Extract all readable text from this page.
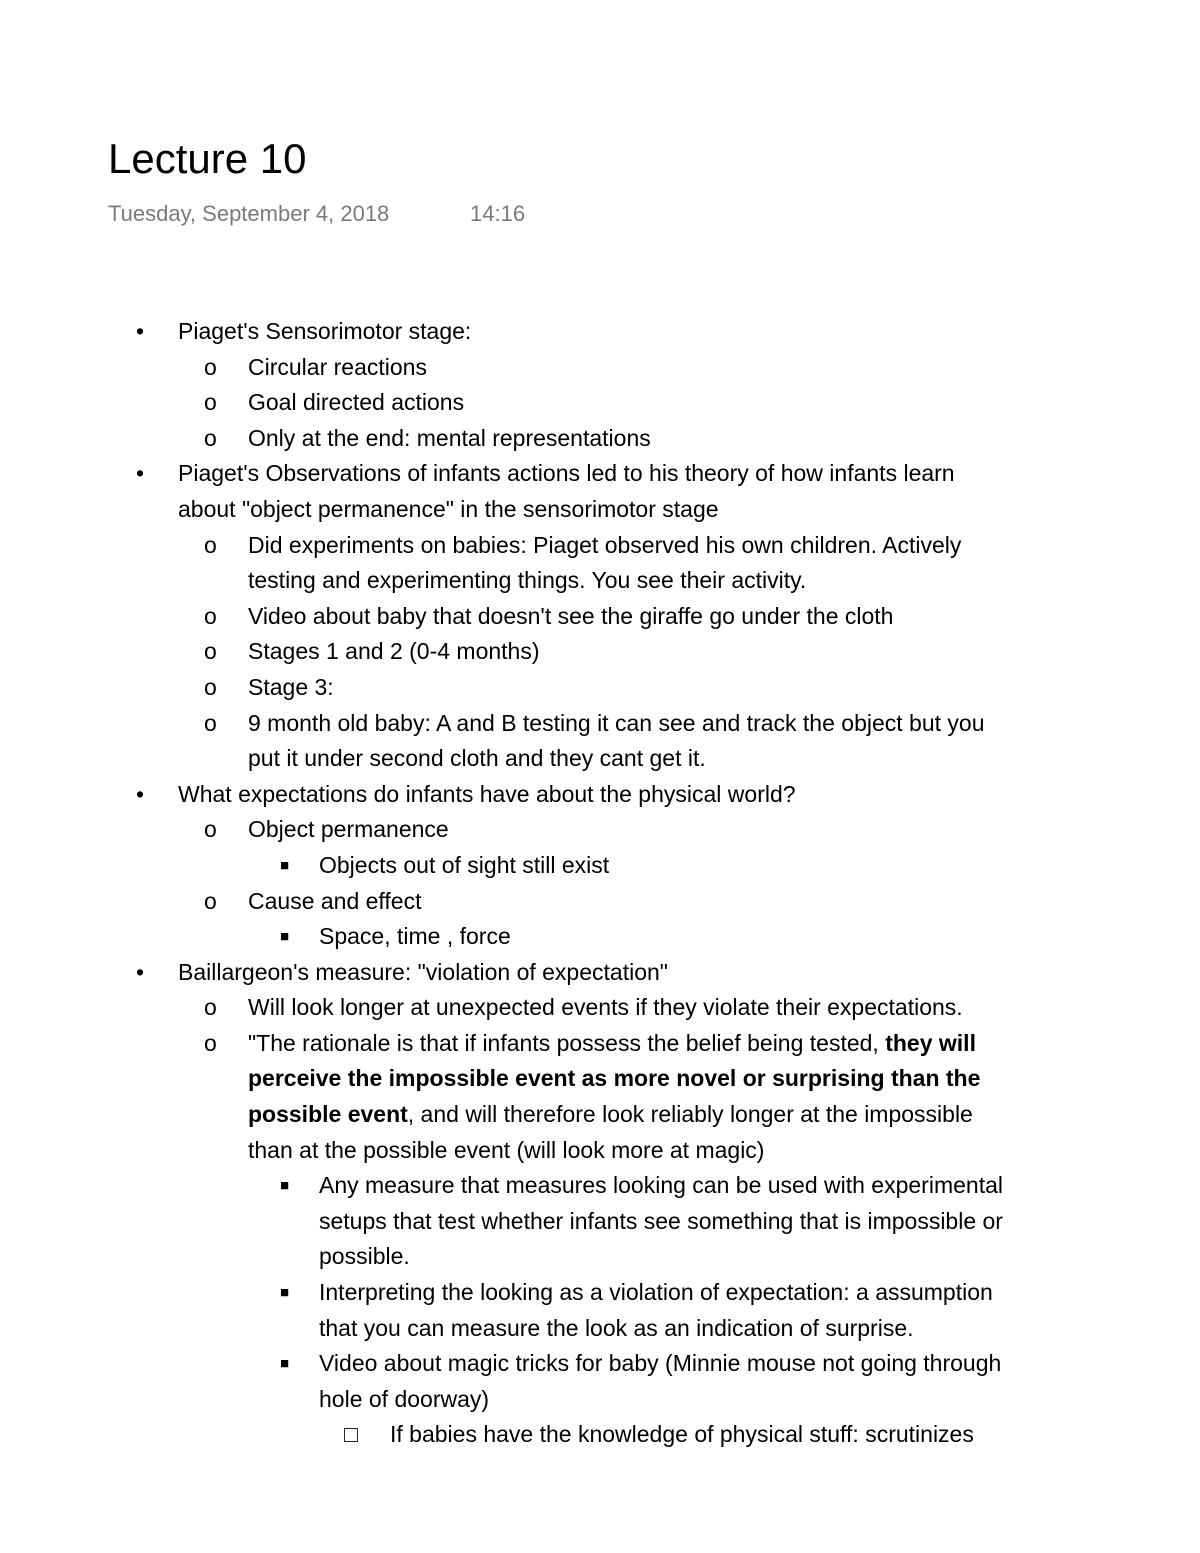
Lecture 10
Tuesday, September 4, 2018	14:16
• Piaget's Sensorimotor stage:
o Circular reactions
o Goal directed actions
o Only at the end: mental representations
• Piaget's Observations of infants actions led to his theory of how infants learn
about "object permanence" in the sensorimotor stage
o Did experiments on babies: Piaget observed his own children. Actively
testing and experimenting things. You see their activity.
o Video about baby that doesn't see the giraffe go under the cloth
o Stages 1 and 2 (0-4 months)
o Stage 3:
o 9 month old baby: A and B testing it can see and track the object but you
put it under second cloth and they cant get it.
• What expectations do infants have about the physical world?
o Object permanence
■ Objects out of sight still exist
o Cause and effect
■ Space, time , force
• Baillargeon's measure: "violation of expectation"
o Will look longer at unexpected events if they violate their expectations.
o "The rationale is that if infants possess the belief being tested, they will
perceive the impossible event as more novel or surprising than the
possible event, and will therefore look reliably longer at the impossible
than at the possible event (will look more at magic)
■ Any measure that measures looking can be used with experimental
setups that test whether infants see something that is impossible or
possible.
■ Interpreting the looking as a violation of expectation: a assumption
that you can measure the look as an indication of surprise.
■ Video about magic tricks for baby (Minnie mouse not going through
hole of doorway)
□ If babies have the knowledge of physical stuff: scrutinizes
